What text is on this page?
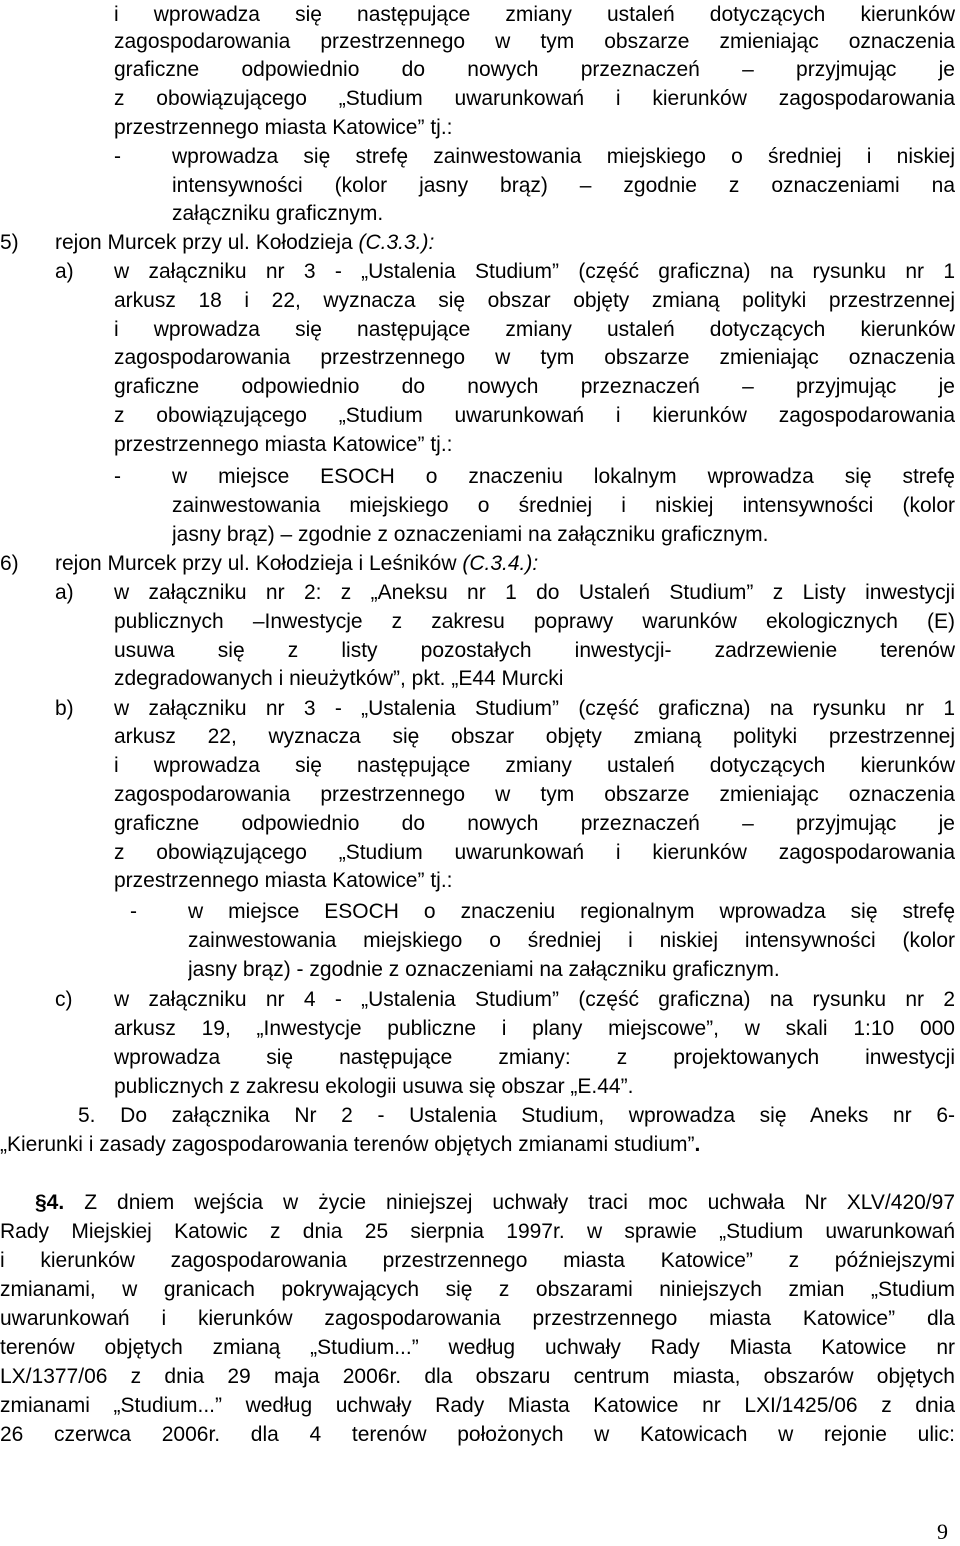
i wprowadza się następujące zmiany ustaleń dotyczących kierunków
zagospodarowania przestrzennego w tym obszarze zmieniając oznaczenia
graficzne odpowiednio do nowych przeznaczeń – przyjmując je
z obowiązującego „Studium uwarunkowań i kierunków zagospodarowania
przestrzennego miasta Katowice” tj.:
- wprowadza się strefę zainwestowania miejskiego o średniej i niskiej
intensywności (kolor jasny brąz) – zgodnie z oznaczeniami na
załączniku graficznym.
5) rejon Murcek przy ul. Kołodzieja (C.3.3.):
a) w załączniku nr 3 - „Ustalenia Studium” (część graficzna) na rysunku nr 1
arkusz 18 i 22, wyznacza się obszar objęty zmianą polityki przestrzennej
i wprowadza się następujące zmiany ustaleń dotyczących kierunków
zagospodarowania przestrzennego w tym obszarze zmieniając oznaczenia
graficzne odpowiednio do nowych przeznaczeń – przyjmując je
z obowiązującego „Studium uwarunkowań i kierunków zagospodarowania
przestrzennego miasta Katowice” tj.:
- w miejsce ESOCH o znaczeniu lokalnym wprowadza się strefę
zainwestowania miejskiego o średniej i niskiej intensywności (kolor
jasny brąz) – zgodnie z oznaczeniami na załączniku graficznym.
6) rejon Murcek przy ul. Kołodzieja i Leśników (C.3.4.):
a) w załączniku nr 2: z „Aneksu nr 1 do Ustaleń Studium” z Listy inwestycji
publicznych –Inwestycje z zakresu poprawy warunków ekologicznych (E)
usuwa się z listy pozostałych inwestycji- zadrzewienie terenów
zdegradowanych i nieużytków”, pkt. „E44 Murcki
b) w załączniku nr 3 - „Ustalenia Studium” (część graficzna) na rysunku nr 1
arkusz 22, wyznacza się obszar objęty zmianą polityki przestrzennej
i wprowadza się następujące zmiany ustaleń dotyczących kierunków
zagospodarowania przestrzennego w tym obszarze zmieniając oznaczenia
graficzne odpowiednio do nowych przeznaczeń – przyjmując je
z obowiązującego „Studium uwarunkowań i kierunków zagospodarowania
przestrzennego miasta Katowice” tj.:
- w miejsce ESOCH o znaczeniu regionalnym wprowadza się strefę
zainwestowania miejskiego o średniej i niskiej intensywności (kolor
jasny brąz) - zgodnie z oznaczeniami na załączniku graficznym.
c) w załączniku nr 4 - „Ustalenia Studium” (część graficzna) na rysunku nr 2
arkusz 19, „Inwestycje publiczne i plany miejscowe”, w skali 1:10 000
wprowadza się następujące zmiany: z projektowanych inwestycji
publicznych z zakresu ekologii usuwa się obszar „E.44”.
5. Do załącznika Nr 2 - Ustalenia Studium, wprowadza się Aneks nr 6-
„Kierunki i zasady zagospodarowania terenów objętych zmianami studium”.
§4. Z dniem wejścia w życie niniejszej uchwały traci moc uchwała Nr XLV/420/97
Rady Miejskiej Katowic z dnia 25 sierpnia 1997r. w sprawie „Studium uwarunkowań
i kierunków zagospodarowania przestrzennego miasta Katowice” z późniejszymi
zmianami, w granicach pokrywających się z obszarami niniejszych zmian „Studium
uwarunkowań i kierunków zagospodarowania przestrzennego miasta Katowice” dla
terenów objętych zmianą „Studium...” według uchwały Rady Miasta Katowice nr
LX/1377/06 z dnia 29 maja 2006r. dla obszaru centrum miasta, obszarów objętych
zmianami „Studium...” według uchwały Rady Miasta Katowice nr LXI/1425/06 z dnia
26 czerwca 2006r. dla 4 terenów położonych w Katowicach w rejonie ulic:
9
